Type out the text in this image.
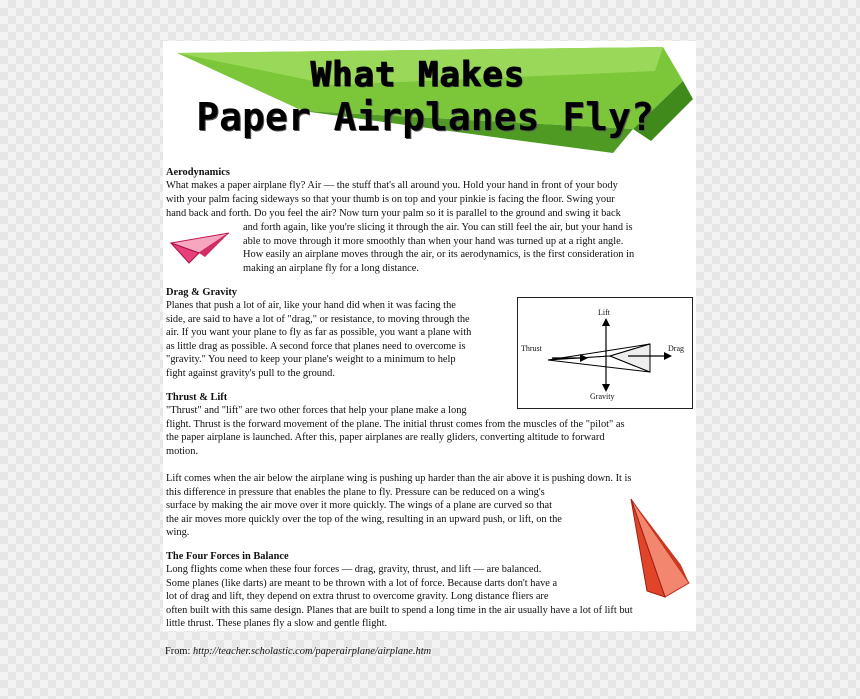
What Makes
Paper Airplanes Fly?

Aerodynamics

What makes a paper airplane fly? Air — the stuff that's all around you. Hold your hand in front of your body

with your palm facing sideways so that your thumb is on top and your pinkie is facing the floor. Swing your

hand back and forth. Do you feel the air? Now turn your palm so it is parallel to the ground and swing it back

and forth again, like you're slicing it through the air. You can still feel the air, but your hand is

able to move through it more smoothly than when your hand was turned up at a right angle.

How easily an airplane moves through the air, or its aerodynamics, is the first consideration in

making an airplane fly for a long distance.

Drag & Gravity

Planes that push a lot of air, like your hand did when it was facing the

side, are said to have a lot of "drag," or resistance, to moving through the

air. If you want your plane to fly as far as possible, you want a plane with

as little drag as possible. A second force that planes need to overcome is

"gravity." You need to keep your plane's weight to a minimum to help

fight against gravity's pull to the ground.

Lift
Thrust	Drag
Gravity

Thrust & Lift

"Thrust" and "lift" are two other forces that help your plane make a long

flight. Thrust is the forward movement of the plane. The initial thrust comes from the muscles of the "pilot" as

the paper airplane is launched. After this, paper airplanes are really gliders, converting altitude to forward

motion.

Lift comes when the air below the airplane wing is pushing up harder than the air above it is pushing down. It is

this difference in pressure that enables the plane to fly. Pressure can be reduced on a wing's

surface by making the air move over it more quickly. The wings of a plane are curved so that

the air moves more quickly over the top of the wing, resulting in an upward push, or lift, on the

wing.

The Four Forces in Balance

Long flights come when these four forces — drag, gravity, thrust, and lift — are balanced.

Some planes (like darts) are meant to be thrown with a lot of force. Because darts don't have a

lot of drag and lift, they depend on extra thrust to overcome gravity. Long distance fliers are

often built with this same design. Planes that are built to spend a long time in the air usually have a lot of lift but

little thrust. These planes fly a slow and gentle flight.

From: http://teacher.scholastic.com/paperairplane/airplane.htm
